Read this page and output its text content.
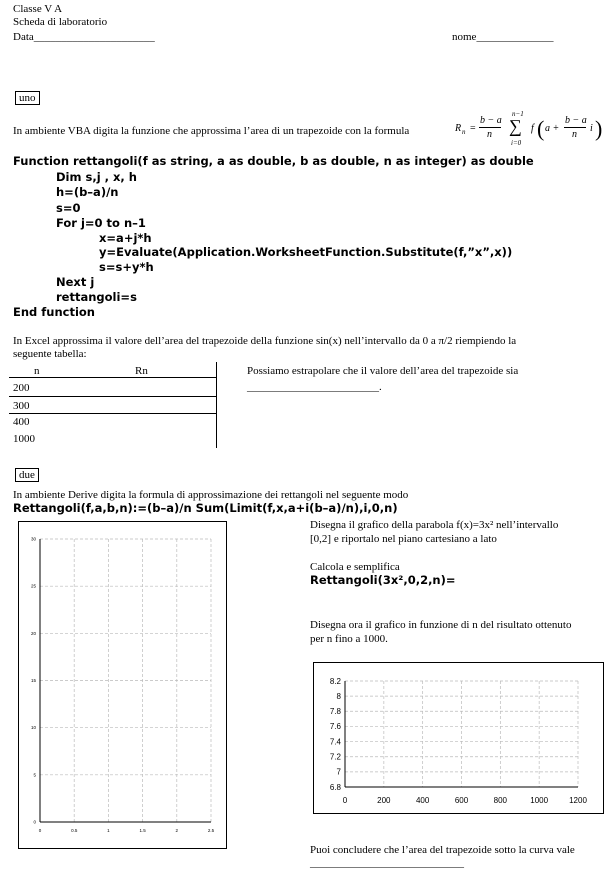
Classe V A
Scheda di laboratorio
Data______________________	nome______________
uno
In ambiente VBA digita la funzione che approssima l’area di un trapezoide con la formula	R n =
b − a
n
n−1
∑
i=0
f ( a +
b − a
n
i )
Function rettangoli(f as string, a as double, b as double, n as integer) as double
Dim s,j , x, h
h=(b–a)/n
s=0
For j=0 to n–1
x=a+j*h
y=Evaluate(Application.WorksheetFunction.Substitute(f,”x”,x))
s=s+y*h
Next j
rettangoli=s
End function
In Excel approssima il valore dell’area del trapezoide della funzione sin(x) nell’intervallo da 0 a π/2 riempiendo la
seguente tabella:
n	Rn
200
300
400
1000
Possiamo estrapolare che il valore dell’area del trapezoide sia
________________________.
due
In ambiente Derive digita la formula di approssimazione dei rettangoli nel seguente modo
Rettangoli(f,a,b,n):=(b–a)/n Sum(Limit(f,x,a+i(b–a)/n),i,0,n)
0	0.5	1	1.5	2	2.5
0
5
10
15
20
25
30
Disegna il grafico della parabola f(x)=3x² nell’intervallo
[0,2] e riportalo nel piano cartesiano a lato
Calcola e semplifica
Rettangoli(3x²,0,2,n)=
Disegna ora il grafico in funzione di n del risultato ottenuto
per n fino a 1000.
0	200	400	600	800	1000	1200
6.8
7
7.2
7.4
7.6
7.8
8
8.2
Puoi concludere che l’area del trapezoide sotto la curva vale
____________________________
